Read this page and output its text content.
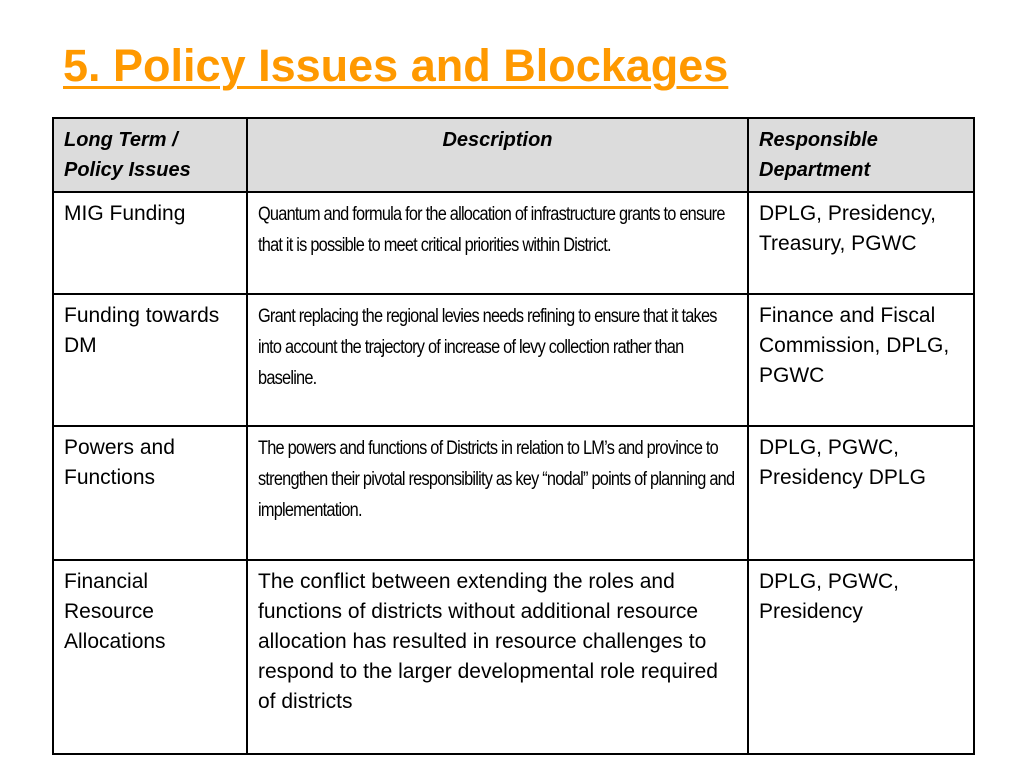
5. Policy Issues and Blockages
Long Term / Policy Issues	Description	Responsible Department
MIG Funding	Quantum and formula for the allocation of infrastructure grants to ensure that it is possible to meet critical priorities within District.	DPLG, Presidency, Treasury, PGWC
Funding towards DM	Grant replacing the regional levies needs refining to ensure that it takes into account the trajectory of increase of levy collection rather than baseline.	Finance and Fiscal Commission, DPLG, PGWC
Powers and Functions	The powers and functions of Districts in relation to LM’s and province to strengthen their pivotal responsibility as key “nodal” points of planning and implementation.	DPLG, PGWC, Presidency DPLG
Financial Resource Allocations	The conflict between extending the roles and functions of districts without additional resource allocation has resulted in resource challenges to respond to the larger developmental role required of districts	DPLG, PGWC, Presidency
